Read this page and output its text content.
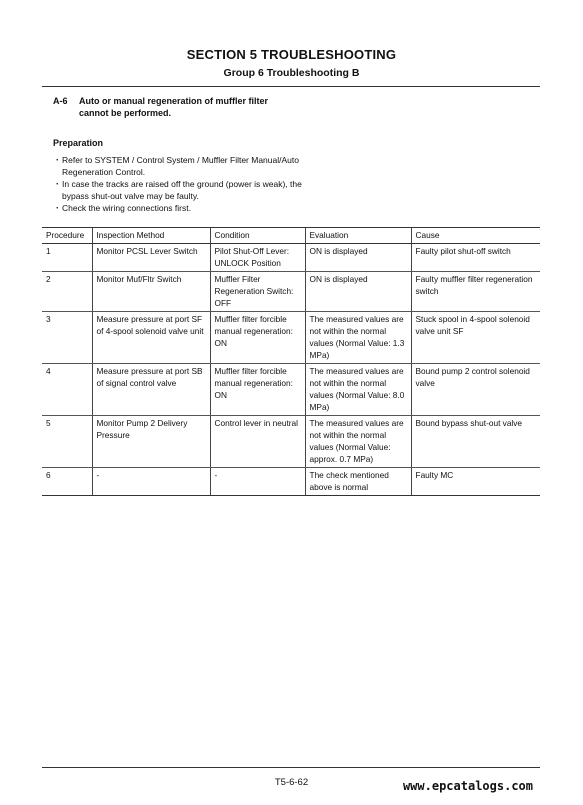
SECTION 5 TROUBLESHOOTING
Group 6 Troubleshooting B
A-6 Auto or manual regeneration of muffler filter
cannot be performed.
Preparation
・ Refer to SYSTEM / Control System / Muffler Filter Manual/Auto Regeneration Control.
・ In case the tracks are raised off the ground (power is weak), the bypass shut-out valve may be faulty.
・ Check the wiring connections first.
Procedure	Inspection Method	Condition	Evaluation	Cause
1	Monitor PCSL Lever Switch	Pilot Shut-Off Lever: UNLOCK Position	ON is displayed	Faulty pilot shut-off switch
2	Monitor Muf/Fltr Switch	Muffler Filter Regeneration Switch: OFF	ON is displayed	Faulty muffler filter regeneration switch
3	Measure pressure at port SF of 4-spool solenoid valve unit	Muffler filter forcible manual regeneration: ON	The measured values are not within the normal values (Normal Value: 1.3 MPa)	Stuck spool in 4-spool solenoid valve unit SF
4	Measure pressure at port SB of signal control valve	Muffler filter forcible manual regeneration: ON	The measured values are not within the normal values (Normal Value: 8.0 MPa)	Bound pump 2 control solenoid valve
5	Monitor Pump 2 Delivery Pressure	Control lever in neutral	The measured values are not within the normal values (Normal Value: approx. 0.7 MPa)	Bound bypass shut-out valve
6	-	-	The check mentioned above is normal	Faulty MC
T5-6-62	www.epcatalogs.com
